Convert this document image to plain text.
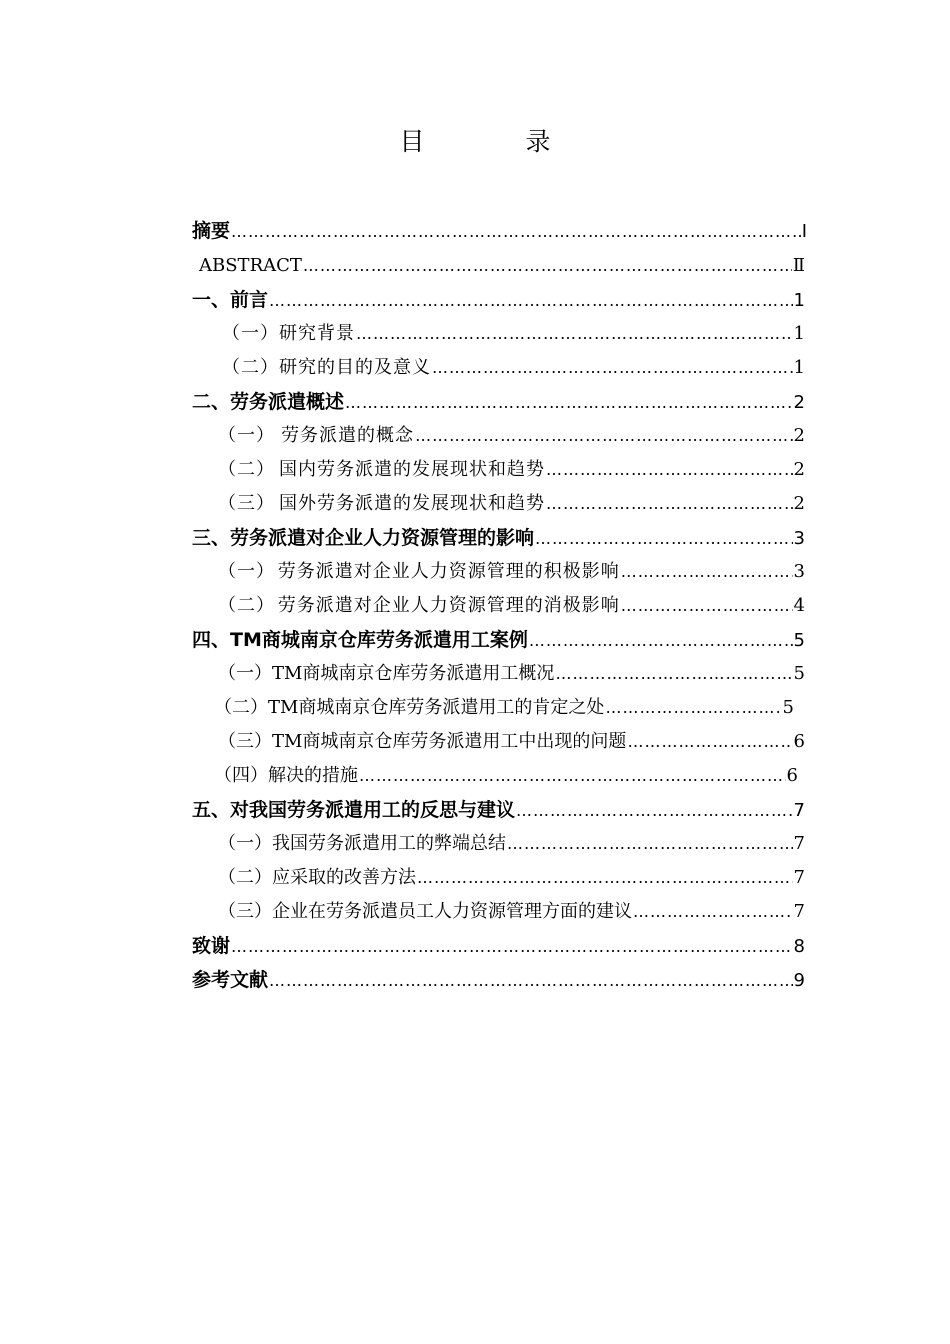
目　录
摘要 ………………………………………………………………………………………………………………………………………………………………………………	Ⅰ
ABSTRACT ………………………………………………………………………………………………………………………………………………………………………………	Ⅱ
一、前言 ………………………………………………………………………………………………………………………………………………………………………………	1
（一）研究背景 ………………………………………………………………………………………………………………………………………………………………………………	1
（二）研究的目的及意义 ………………………………………………………………………………………………………………………………………………………………………………	1
二、劳务派遣概述 ………………………………………………………………………………………………………………………………………………………………………………	2
（一） 劳务派遣的概念 ………………………………………………………………………………………………………………………………………………………………………………	2
（二） 国内劳务派遣的发展现状和趋势 ………………………………………………………………………………………………………………………………………………………………………………	2
（三） 国外劳务派遣的发展现状和趋势 ………………………………………………………………………………………………………………………………………………………………………………	2
三、劳务派遣对企业人力资源管理的影响 ………………………………………………………………………………………………………………………………………………………………………………	3
（一） 劳务派遣对企业人力资源管理的积极影响 ………………………………………………………………………………………………………………………………………………………………………………	3
（二） 劳务派遣对企业人力资源管理的消极影响 ………………………………………………………………………………………………………………………………………………………………………………	4
四、TM商城南京仓库劳务派遣用工案例 ………………………………………………………………………………………………………………………………………………………………………………	5
（一）TM商城南京仓库劳务派遣用工概况 ………………………………………………………………………………………………………………………………………………………………………………	5
（二）TM商城南京仓库劳务派遣用工的肯定之处 ………………………………………………………………………………………………………………………………………………………………………………	5
（三）TM商城南京仓库劳务派遣用工中出现的问题 ………………………………………………………………………………………………………………………………………………………………………………	6
（四）解决的措施 ………………………………………………………………………………………………………………………………………………………………………………	6
五、对我国劳务派遣用工的反思与建议 ………………………………………………………………………………………………………………………………………………………………………………	7
（一）我国劳务派遣用工的弊端总结 ………………………………………………………………………………………………………………………………………………………………………………	7
（二）应采取的改善方法 ………………………………………………………………………………………………………………………………………………………………………………	7
（三）企业在劳务派遣员工人力资源管理方面的建议 ………………………………………………………………………………………………………………………………………………………………………………	7
致谢 ………………………………………………………………………………………………………………………………………………………………………………	8
参考文献 ………………………………………………………………………………………………………………………………………………………………………………	9
